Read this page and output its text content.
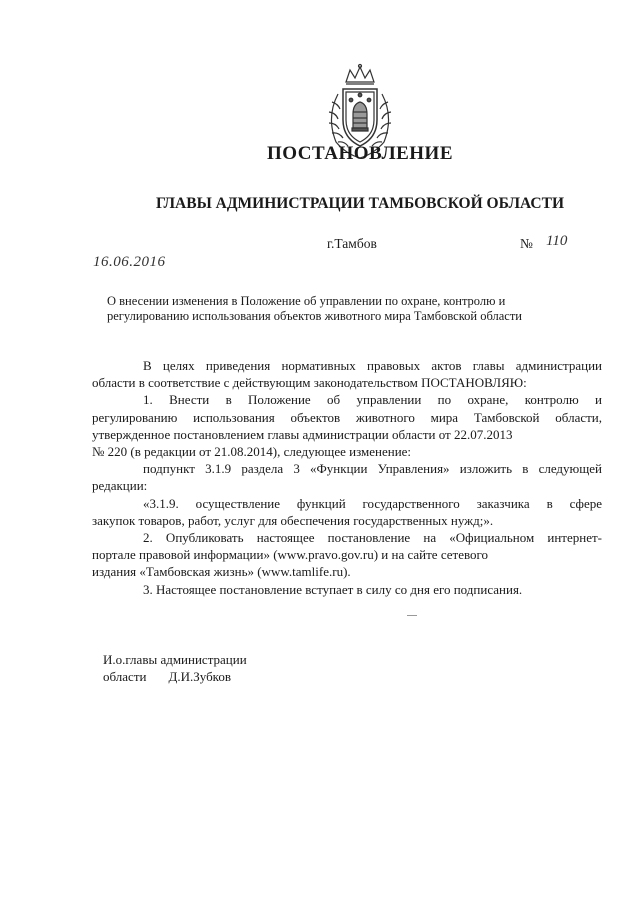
ПОСТАНОВЛЕНИЕ
ГЛАВЫ АДМИНИСТРАЦИИ ТАМБОВСКОЙ ОБЛАСТИ
г.Тамбов	№ 110
16.06.2016
О внесении изменения в Положение об управлении по охране, контролю и
регулированию использования объектов животного мира Тамбовской области
В целях приведения нормативных правовых актов главы администрации
области в соответствие с действующим законодательством ПОСТАНОВЛЯЮ:
1. Внести в Положение об управлении по охране, контролю и
регулированию использования объектов животного мира Тамбовской области,
утвержденное постановлением главы администрации области от 22.07.2013
№ 220 (в редакции от 21.08.2014), следующее изменение:
подпункт 3.1.9 раздела 3 «Функции Управления» изложить в следующей
редакции:
«3.1.9. осуществление функций государственного заказчика в сфере
закупок товаров, работ, услуг для обеспечения государственных нужд;».
2. Опубликовать настоящее постановление на «Официальном интернет-
портале правовой информации» (www.pravo.gov.ru) и на сайте сетевого
издания «Тамбовская жизнь» (www.tamlife.ru).
3. Настоящее постановление вступает в силу со дня его подписания.
И.о.главы администрации
области Д.И.Зубков
